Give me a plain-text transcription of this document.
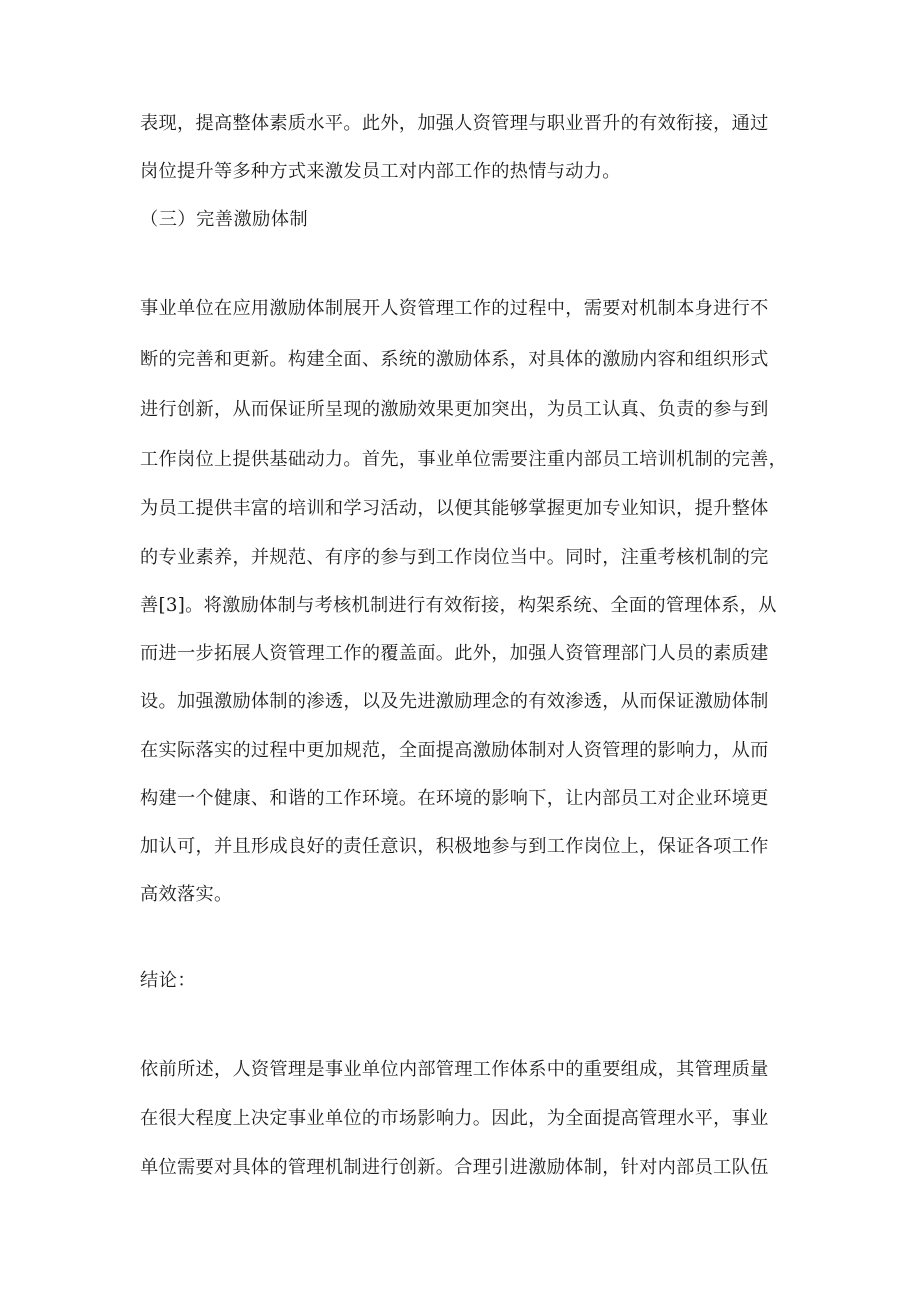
表现，提高整体素质水平。此外，加强人资管理与职业晋升的有效衔接，通过
岗位提升等多种方式来激发员工对内部工作的热情与动力。
（三）完善激励体制
事业单位在应用激励体制展开人资管理工作的过程中，需要对机制本身进行不
断的完善和更新。构建全面、系统的激励体系，对具体的激励内容和组织形式
进行创新，从而保证所呈现的激励效果更加突出，为员工认真、负责的参与到
工作岗位上提供基础动力。首先，事业单位需要注重内部员工培训机制的完善，
为员工提供丰富的培训和学习活动，以便其能够掌握更加专业知识，提升整体
的专业素养，并规范、有序的参与到工作岗位当中。同时，注重考核机制的完
善[3]。将激励体制与考核机制进行有效衔接，构架系统、全面的管理体系，从
而进一步拓展人资管理工作的覆盖面。此外，加强人资管理部门人员的素质建
设。加强激励体制的渗透，以及先进激励理念的有效渗透，从而保证激励体制
在实际落实的过程中更加规范，全面提高激励体制对人资管理的影响力，从而
构建一个健康、和谐的工作环境。在环境的影响下，让内部员工对企业环境更
加认可，并且形成良好的责任意识，积极地参与到工作岗位上，保证各项工作
高效落实。
结论：
依前所述，人资管理是事业单位内部管理工作体系中的重要组成，其管理质量
在很大程度上决定事业单位的市场影响力。因此，为全面提高管理水平，事业
单位需要对具体的管理机制进行创新。合理引进激励体制，针对内部员工队伍
